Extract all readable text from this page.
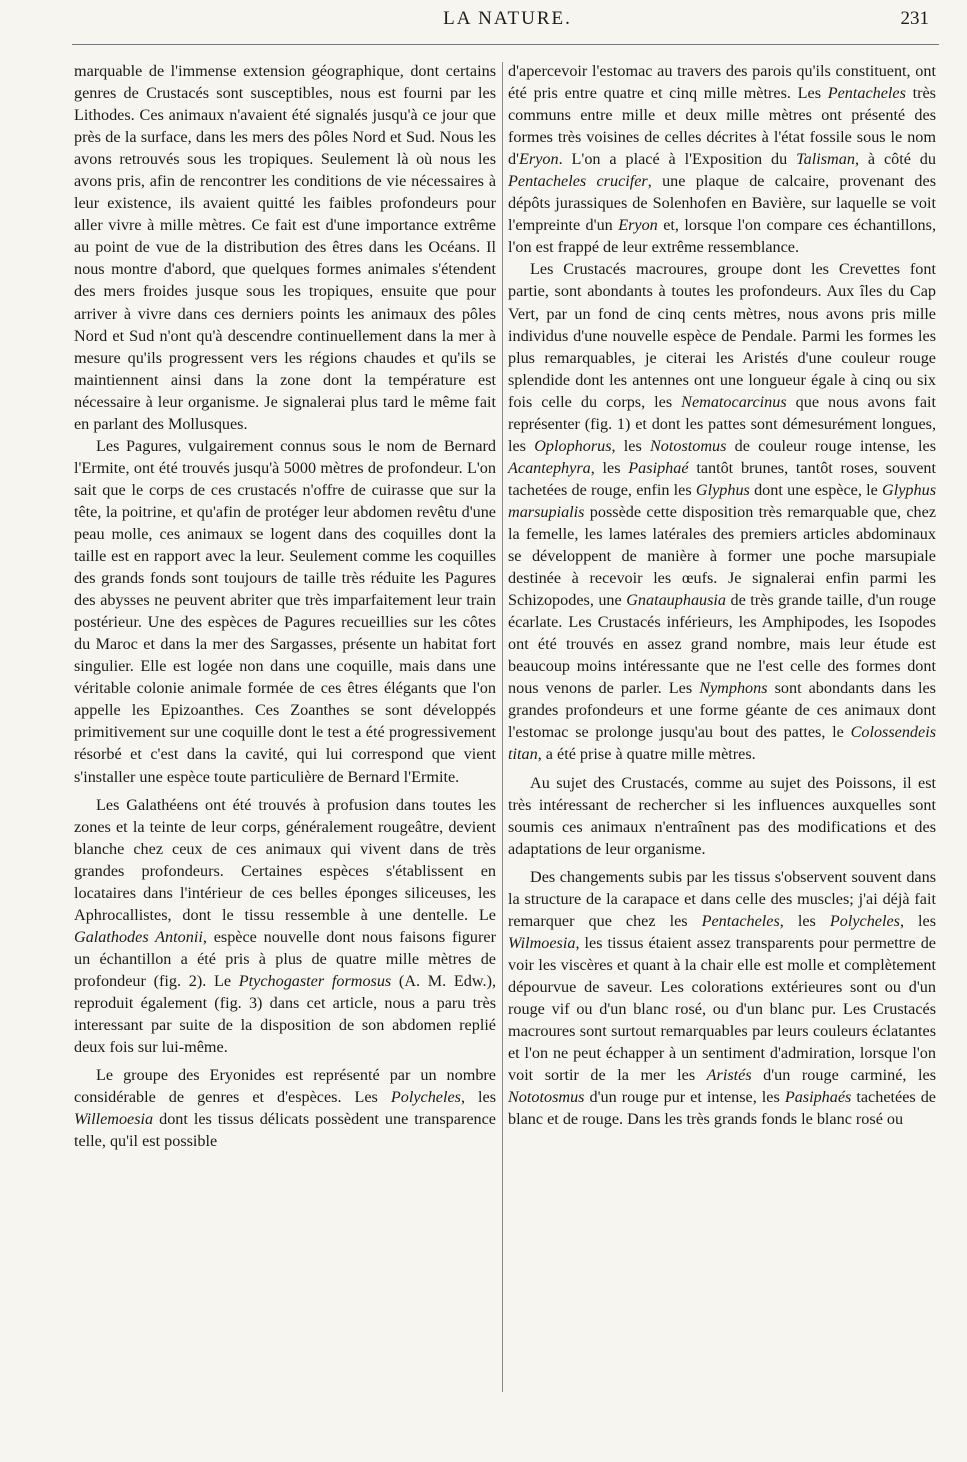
LA NATURE.	231

marquable de l'immense extension géographique, dont certains genres de Crustacés sont susceptibles, nous est fourni par les Lithodes. Ces animaux n'avaient été signalés jusqu'à ce jour que près de la surface, dans les mers des pôles Nord et Sud. Nous les avons retrouvés sous les tropiques. Seulement là où nous les avons pris, afin de rencontrer les conditions de vie nécessaires à leur existence, ils avaient quitté les faibles profondeurs pour aller vivre à mille mètres. Ce fait est d'une importance extrême au point de vue de la distribution des êtres dans les Océans. Il nous montre d'abord, que quelques formes animales s'étendent des mers froides jusque sous les tropiques, ensuite que pour arriver à vivre dans ces derniers points les animaux des pôles Nord et Sud n'ont qu'à descendre continuellement dans la mer à mesure qu'ils progressent vers les régions chaudes et qu'ils se maintiennent ainsi dans la zone dont la température est nécessaire à leur organisme. Je signalerai plus tard le même fait en parlant des Mollusques.

Les Pagures, vulgairement connus sous le nom de Bernard l'Ermite, ont été trouvés jusqu'à 5000 mètres de profondeur. L'on sait que le corps de ces crustacés n'offre de cuirasse que sur la tête, la poitrine, et qu'afin de protéger leur abdomen revêtu d'une peau molle, ces animaux se logent dans des coquilles dont la taille est en rapport avec la leur. Seulement comme les coquilles des grands fonds sont toujours de taille très réduite les Pagures des abysses ne peuvent abriter que très imparfaitement leur train postérieur. Une des espèces de Pagures recueillies sur les côtes du Maroc et dans la mer des Sargasses, présente un habitat fort singulier. Elle est logée non dans une coquille, mais dans une véritable colonie animale formée de ces êtres élégants que l'on appelle les Epizoanthes. Ces Zoanthes se sont développés primitivement sur une coquille dont le test a été progressivement résorbé et c'est dans la cavité, qui lui correspond que vient s'installer une espèce toute particulière de Bernard l'Ermite.

Les Galathéens ont été trouvés à profusion dans toutes les zones et la teinte de leur corps, généralement rougeâtre, devient blanche chez ceux de ces animaux qui vivent dans de très grandes profondeurs. Certaines espèces s'établissent en locataires dans l'intérieur de ces belles éponges siliceuses, les Aphrocallistes, dont le tissu ressemble à une dentelle. Le Galathodes Antonii, espèce nouvelle dont nous faisons figurer un échantillon a été pris à plus de quatre mille mètres de profondeur (fig. 2). Le Ptychogaster formosus (A. M. Edw.), reproduit également (fig. 3) dans cet article, nous a paru très interessant par suite de la disposition de son abdomen replié deux fois sur lui-même.

Le groupe des Eryonides est représenté par un nombre considérable de genres et d'espèces. Les Polycheles, les Willemoesia dont les tissus délicats possèdent une transparence telle, qu'il est possible

d'apercevoir l'estomac au travers des parois qu'ils constituent, ont été pris entre quatre et cinq mille mètres. Les Pentacheles très communs entre mille et deux mille mètres ont présenté des formes très voisines de celles décrites à l'état fossile sous le nom d'Eryon. L'on a placé à l'Exposition du Talisman, à côté du Pentacheles crucifer, une plaque de calcaire, provenant des dépôts jurassiques de Solenhofen en Bavière, sur laquelle se voit l'empreinte d'un Eryon et, lorsque l'on compare ces échantillons, l'on est frappé de leur extrême ressemblance.

Les Crustacés macroures, groupe dont les Crevettes font partie, sont abondants à toutes les profondeurs. Aux îles du Cap Vert, par un fond de cinq cents mètres, nous avons pris mille individus d'une nouvelle espèce de Pendale. Parmi les formes les plus remarquables, je citerai les Aristés d'une couleur rouge splendide dont les antennes ont une longueur égale à cinq ou six fois celle du corps, les Nematocarcinus que nous avons fait représenter (fig. 1) et dont les pattes sont démesurément longues, les Oplophorus, les Notostomus de couleur rouge intense, les Acantephyra, les Pasiphaé tantôt brunes, tantôt roses, souvent tachetées de rouge, enfin les Glyphus dont une espèce, le Glyphus marsupialis possède cette disposition très remarquable que, chez la femelle, les lames latérales des premiers articles abdominaux se développent de manière à former une poche marsupiale destinée à recevoir les œufs. Je signalerai enfin parmi les Schizopodes, une Gnatauphausia de très grande taille, d'un rouge écarlate. Les Crustacés inférieurs, les Amphipodes, les Isopodes ont été trouvés en assez grand nombre, mais leur étude est beaucoup moins intéressante que ne l'est celle des formes dont nous venons de parler. Les Nymphons sont abondants dans les grandes profondeurs et une forme géante de ces animaux dont l'estomac se prolonge jusqu'au bout des pattes, le Colossendeis titan, a été prise à quatre mille mètres.

Au sujet des Crustacés, comme au sujet des Poissons, il est très intéressant de rechercher si les influences auxquelles sont soumis ces animaux n'entraînent pas des modifications et des adaptations de leur organisme.

Des changements subis par les tissus s'observent souvent dans la structure de la carapace et dans celle des muscles; j'ai déjà fait remarquer que chez les Pentacheles, les Polycheles, les Wilmoesia, les tissus étaient assez transparents pour permettre de voir les viscères et quant à la chair elle est molle et complètement dépourvue de saveur. Les colorations extérieures sont ou d'un rouge vif ou d'un blanc rosé, ou d'un blanc pur. Les Crustacés macroures sont surtout remarquables par leurs couleurs éclatantes et l'on ne peut échapper à un sentiment d'admiration, lorsque l'on voit sortir de la mer les Aristés d'un rouge carminé, les Nototosmus d'un rouge pur et intense, les Pasiphaés tachetées de blanc et de rouge. Dans les très grands fonds le blanc rosé ou
